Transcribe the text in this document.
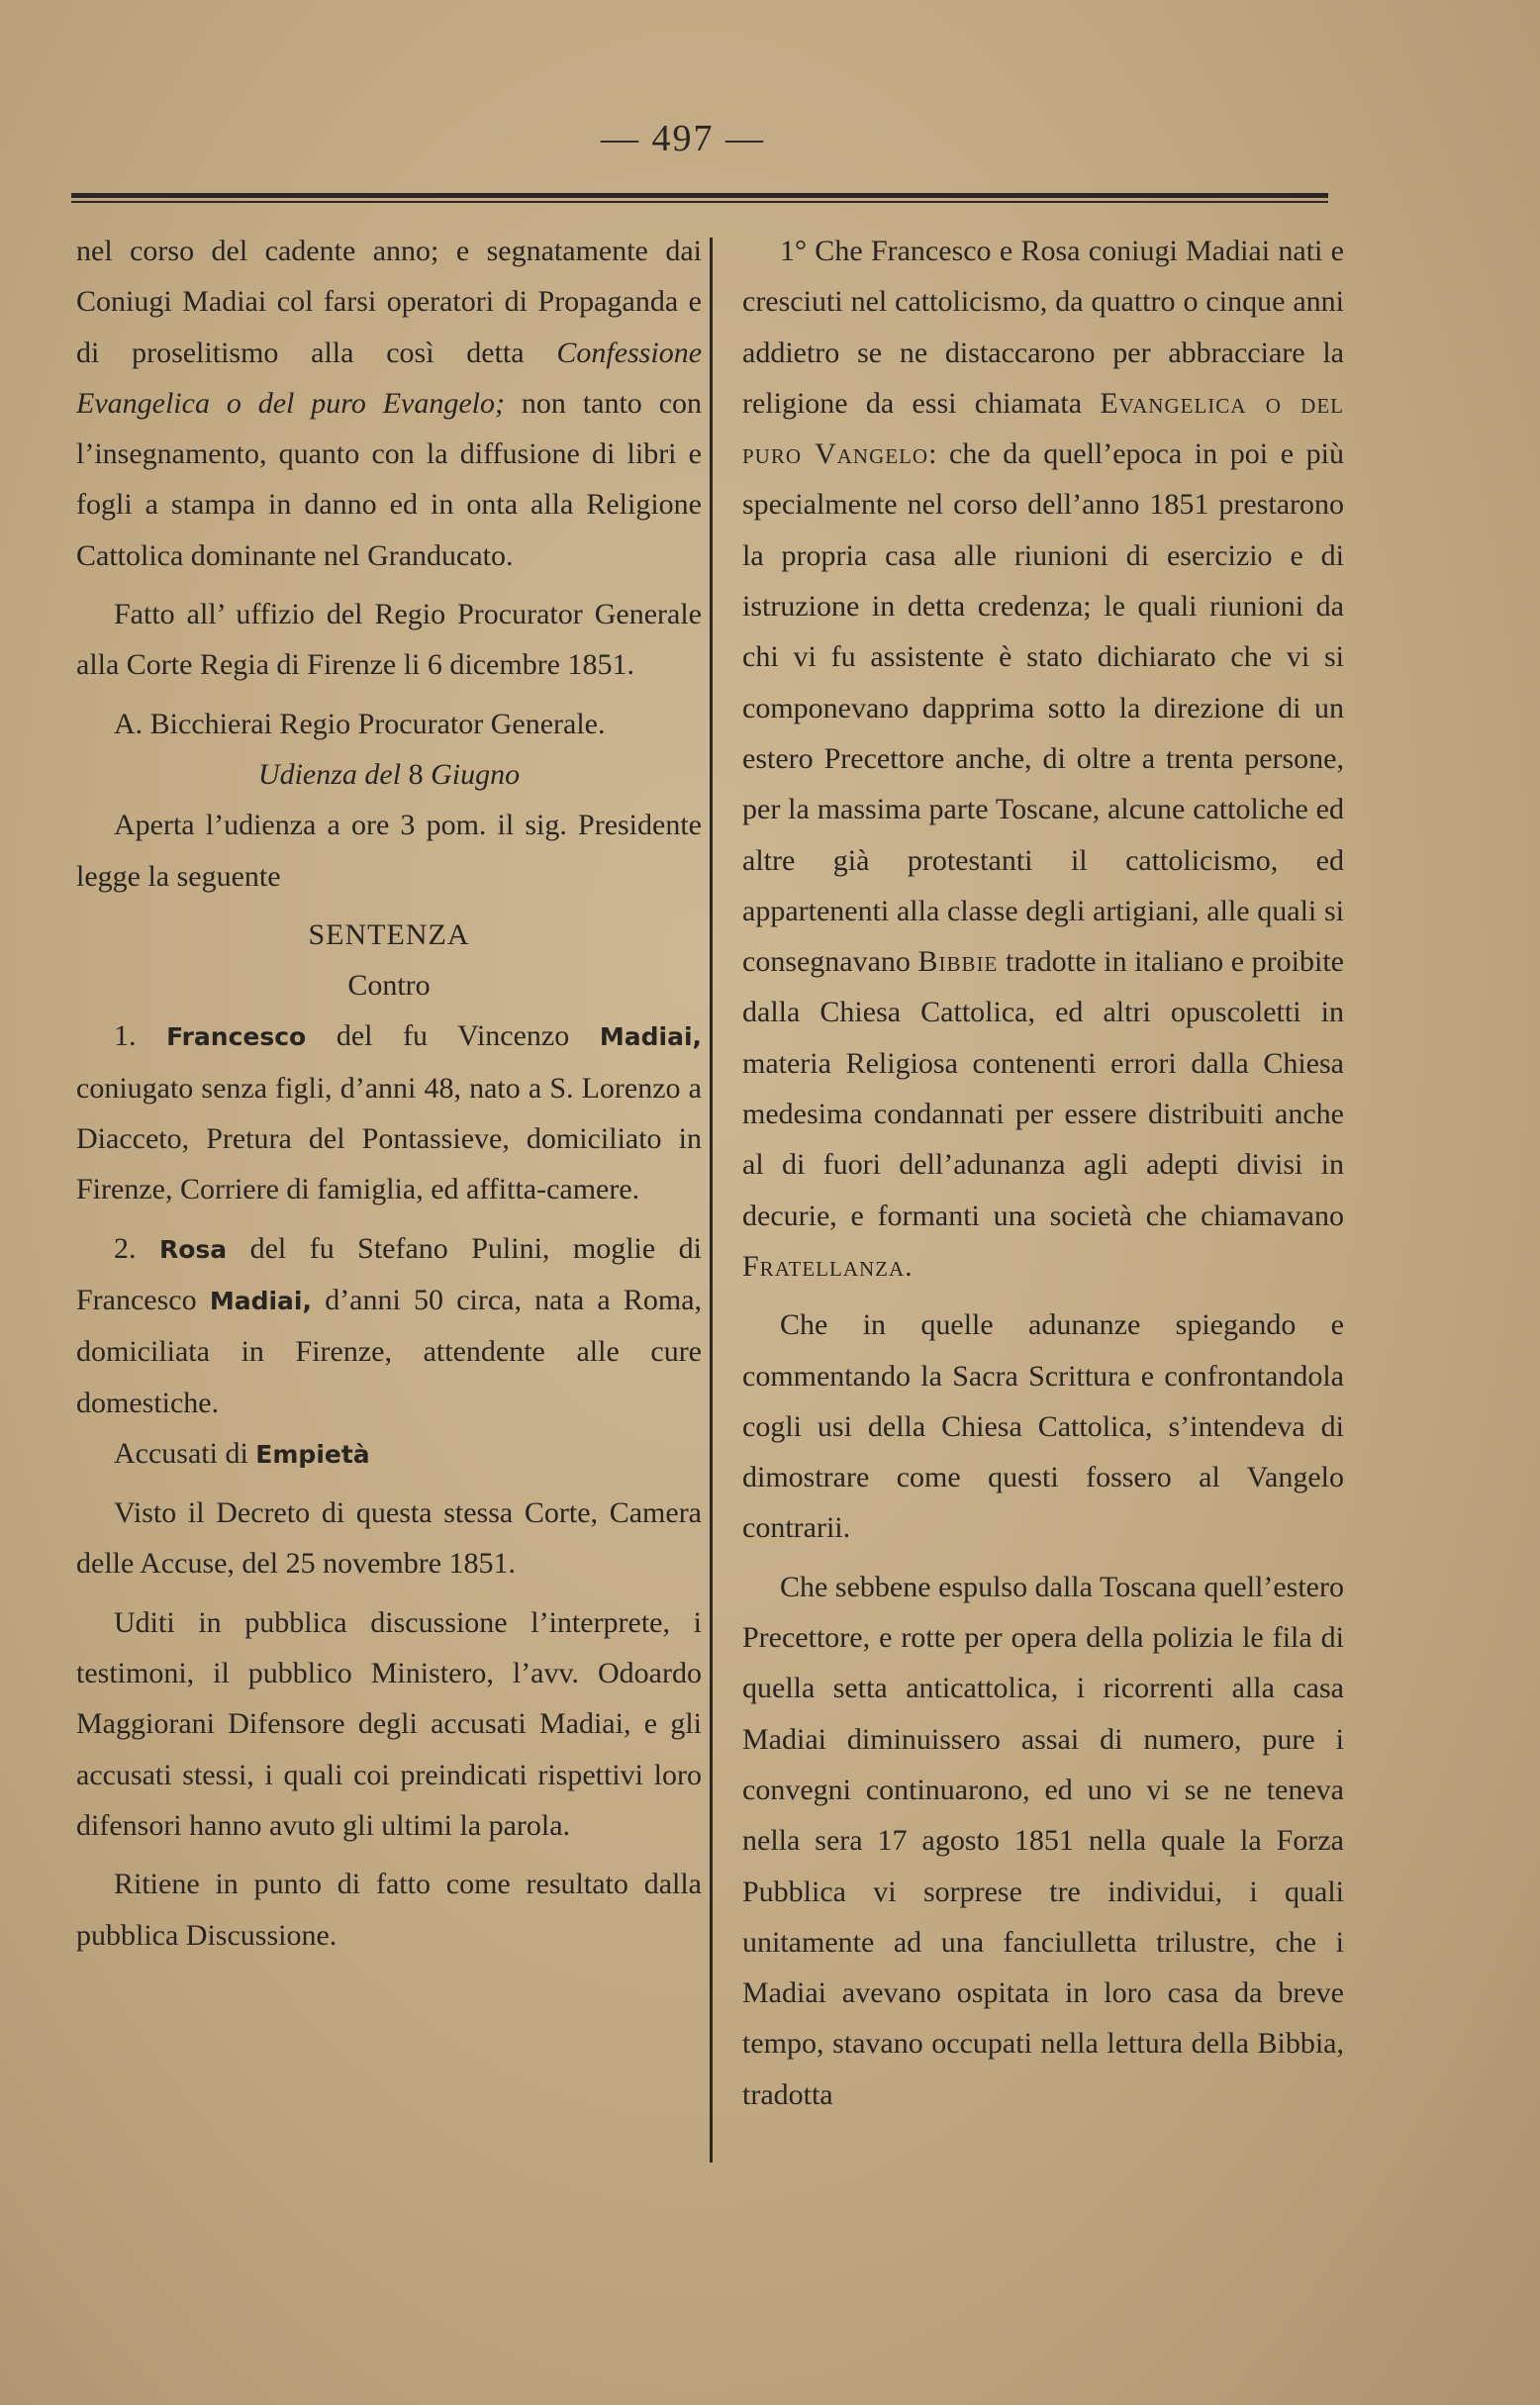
— 497 —

nel corso del cadente anno; e segnatamente dai Coniugi Madiai col farsi operatori di Propaganda e di proselitismo alla così detta Confessione Evangelica o del puro Evangelo; non tanto con l’insegnamento, quanto con la diffusione di libri e fogli a stampa in danno ed in onta alla Religione Cattolica dominante nel Granducato.

Fatto all’ uffizio del Regio Procurator Generale alla Corte Regia di Firenze li 6 dicembre 1851.

A. Bicchierai Regio Procurator Generale.

Udienza del 8 Giugno

Aperta l’udienza a ore 3 pom. il sig. Presidente legge la seguente

SENTENZA

Contro

1. Francesco del fu Vincenzo Madiai, coniugato senza figli, d’anni 48, nato a S. Lorenzo a Diacceto, Pretura del Pontassieve, domiciliato in Firenze, Corriere di famiglia, ed affitta-camere.

2. Rosa del fu Stefano Pulini, moglie di Francesco Madiai, d’anni 50 circa, nata a Roma, domiciliata in Firenze, attendente alle cure domestiche.

Accusati di Empietà

Visto il Decreto di questa stessa Corte, Camera delle Accuse, del 25 novembre 1851.

Uditi in pubblica discussione l’interprete, i testimoni, il pubblico Ministero, l’avv. Odoardo Maggiorani Difensore degli accusati Madiai, e gli accusati stessi, i quali coi preindicati rispettivi loro difensori hanno avuto gli ultimi la parola.

Ritiene in punto di fatto come resultato dalla pubblica Discussione.

1° Che Francesco e Rosa coniugi Madiai nati e cresciuti nel cattolicismo, da quattro o cinque anni addietro se ne distaccarono per abbracciare la religione da essi chiamata Evangelica o del puro Vangelo: che da quell’epoca in poi e più specialmente nel corso dell’anno 1851 prestarono la propria casa alle riunioni di esercizio e di istruzione in detta credenza; le quali riunioni da chi vi fu assistente è stato dichiarato che vi si componevano dapprima sotto la direzione di un estero Precettore anche, di oltre a trenta persone, per la massima parte Toscane, alcune cattoliche ed altre già protestanti il cattolicismo, ed appartenenti alla classe degli artigiani, alle quali si consegnavano Bibbie tradotte in italiano e proibite dalla Chiesa Cattolica, ed altri opuscoletti in materia Religiosa contenenti errori dalla Chiesa medesima condannati per essere distribuiti anche al di fuori dell’adunanza agli adepti divisi in decurie, e formanti una società che chiamavano Fratellanza.

Che in quelle adunanze spiegando e commentando la Sacra Scrittura e confrontandola cogli usi della Chiesa Cattolica, s’intendeva di dimostrare come questi fossero al Vangelo contrarii.

Che sebbene espulso dalla Toscana quell’estero Precettore, e rotte per opera della polizia le fila di quella setta anticattolica, i ricorrenti alla casa Madiai diminuissero assai di numero, pure i convegni continuarono, ed uno vi se ne teneva nella sera 17 agosto 1851 nella quale la Forza Pubblica vi sorprese tre individui, i quali unitamente ad una fanciulletta trilustre, che i Madiai avevano ospitata in loro casa da breve tempo, stavano occupati nella lettura della Bibbia, tradotta
